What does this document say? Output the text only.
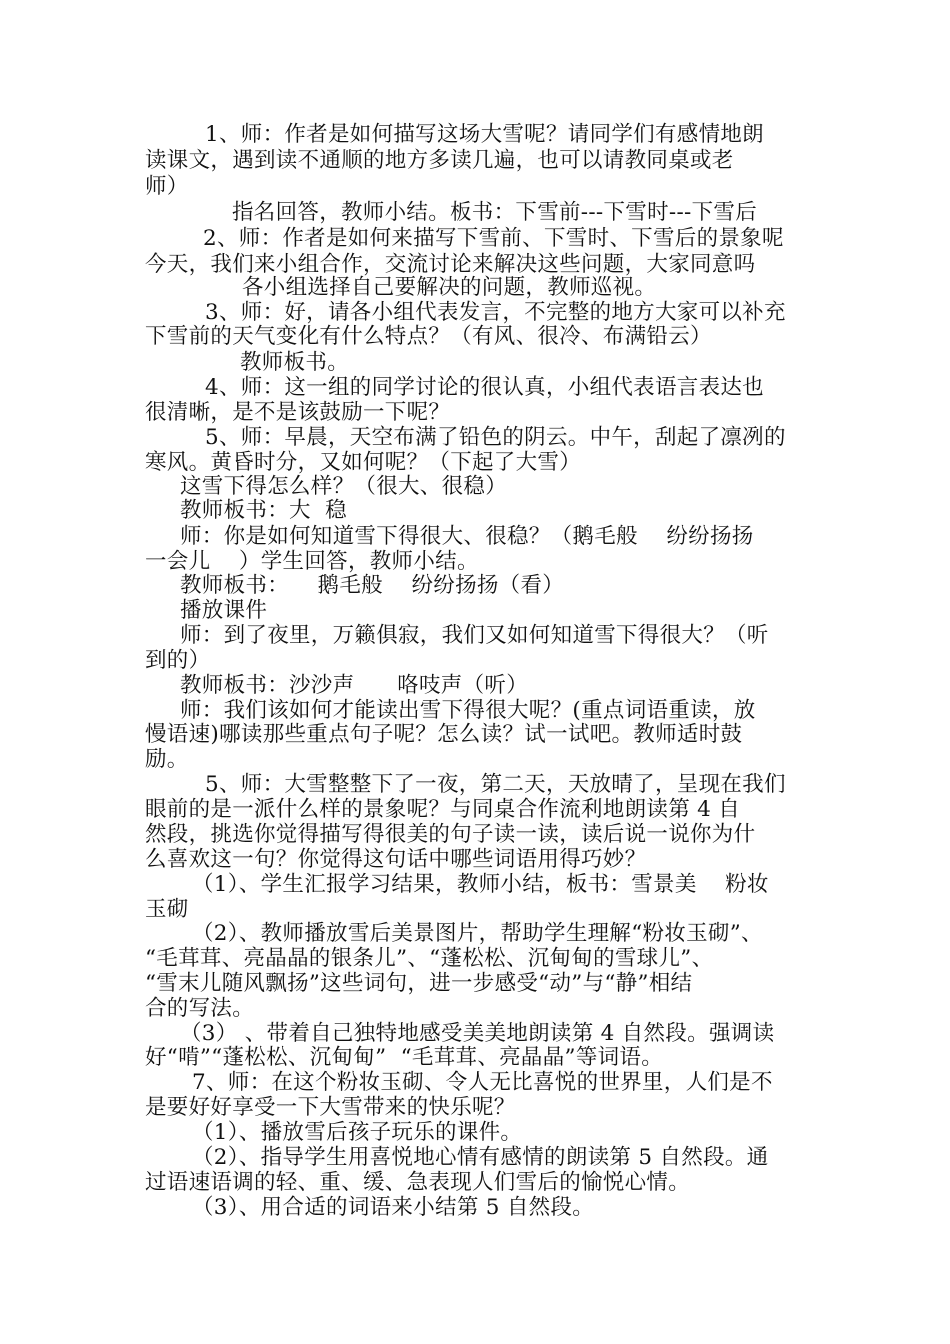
1、师：作者是如何描写这场大雪呢？请同学们有感情地朗
读课文，遇到读不通顺的地方多读几遍，也可以请教同桌或老
师）
指名回答，教师小结。板书：下雪前---下雪时---下雪后
2、师：作者是如何来描写下雪前、下雪时、下雪后的景象呢
今天，我们来小组合作，交流讨论来解决这些问题，大家同意吗
各小组选择自己要解决的问题，教师巡视。
3、师：好，请各小组代表发言，不完整的地方大家可以补充
下雪前的天气变化有什么特点？（有风、很冷、布满铅云）
教师板书。
4、师：这一组的同学讨论的很认真，小组代表语言表达也
很清晰，是不是该鼓励一下呢？
5、师：早晨，天空布满了铅色的阴云。中午，刮起了凛冽的
寒风。黄昏时分，又如何呢？（下起了大雪）
这雪下得怎么样？（很大、很稳）
教师板书：大  稳
师：你是如何知道雪下得很大、很稳？（鹅毛般    纷纷扬扬
一会儿    ）学生回答，教师小结。
教师板书：    鹅毛般    纷纷扬扬（看）
播放课件
师：到了夜里，万籁俱寂，我们又如何知道雪下得很大？（听
到的）
教师板书：沙沙声      咯吱声（听）
师：我们该如何才能读出雪下得很大呢？(重点词语重读，放
慢语速)哪读那些重点句子呢？怎么读？试一试吧。教师适时鼓
励。
5、师：大雪整整下了一夜，第二天，天放晴了，呈现在我们
眼前的是一派什么样的景象呢？与同桌合作流利地朗读第 4 自
然段，挑选你觉得描写得很美的句子读一读，读后说一说你为什
么喜欢这一句？你觉得这句话中哪些词语用得巧妙？
（1）、学生汇报学习结果，教师小结，板书：雪景美    粉妆
玉砌
（2）、教师播放雪后美景图片，帮助学生理解“粉妆玉砌”、
“毛茸茸、亮晶晶的银条儿”、“蓬松松、沉甸甸的雪球儿”、
“雪末儿随风飘扬”这些词句，进一步感受“动”与“静”相结
合的写法。
（3） 、带着自己独特地感受美美地朗读第 4 自然段。强调读
好“啃”“蓬松松、沉甸甸”  “毛茸茸、亮晶晶”等词语。
7、师：在这个粉妆玉砌、令人无比喜悦的世界里，人们是不
是要好好享受一下大雪带来的快乐呢？
（1）、播放雪后孩子玩乐的课件。
（2）、指导学生用喜悦地心情有感情的朗读第 5 自然段。通
过语速语调的轻、重、缓、急表现人们雪后的愉悦心情。
（3）、用合适的词语来小结第 5 自然段。
